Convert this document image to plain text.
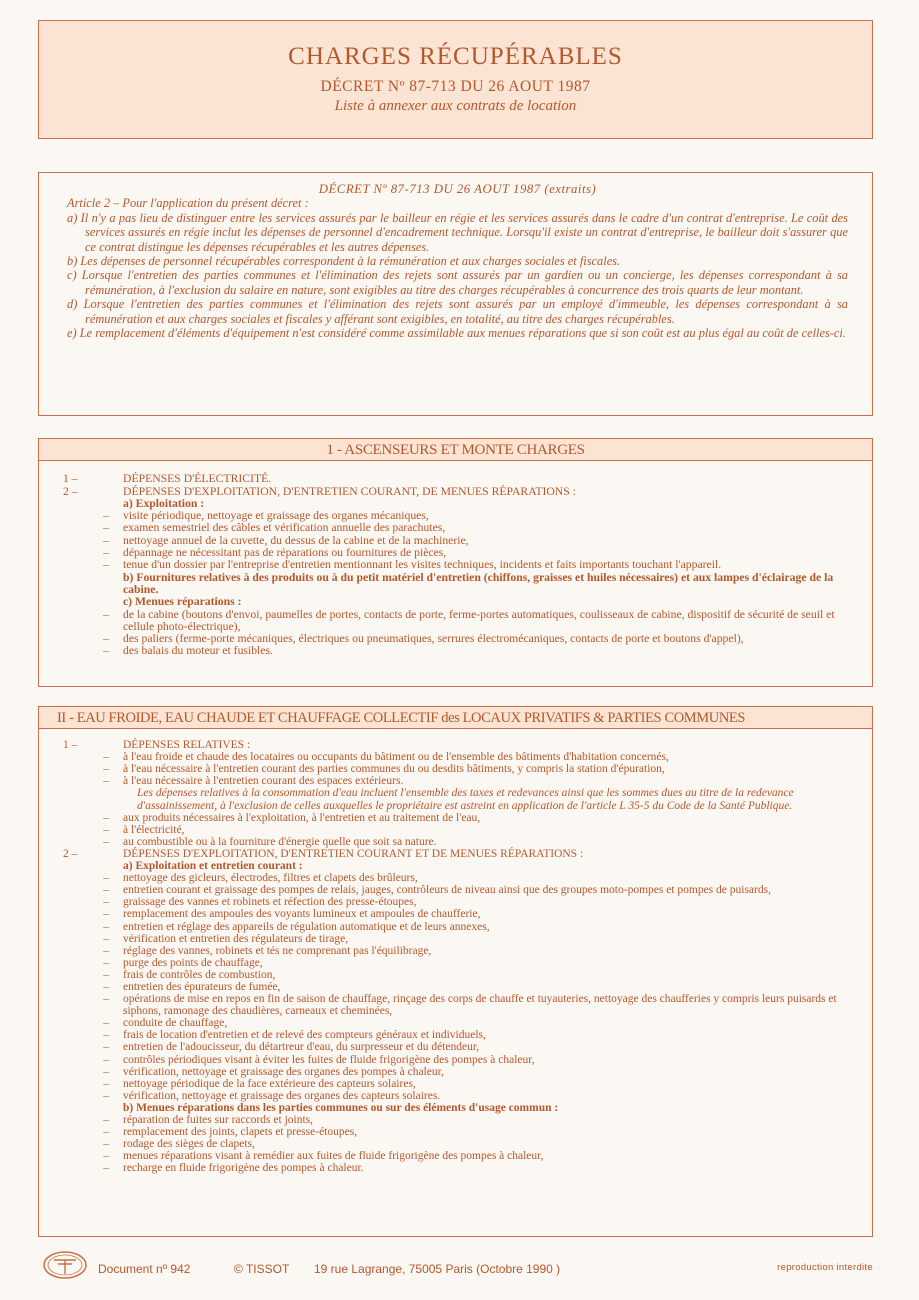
CHARGES RÉCUPÉRABLES
DÉCRET Nº 87-713 DU 26 AOUT 1987
Liste à annexer aux contrats de location
DÉCRET Nº 87-713 DU 26 AOUT 1987 (extraits)

Article 2 – Pour l'application du présent décret :

a) Il n'y a pas lieu de distinguer entre les services assurés par le bailleur en régie et les services assurés dans le cadre d'un contrat d'entreprise. Le coût des services assurés en régie inclut les dépenses de personnel d'encadrement technique. Lorsqu'il existe un contrat d'entreprise, le bailleur doit s'assurer que ce contrat distingue les dépenses récupérables et les autres dépenses.

b) Les dépenses de personnel récupérables correspondent à la rémunération et aux charges sociales et fiscales.

c) Lorsque l'entretien des parties communes et l'élimination des rejets sont assurés par un gardien ou un concierge, les dépenses correspondant à sa rémunération, à l'exclusion du salaire en nature, sont exigibles au titre des charges récupérables à concurrence des trois quarts de leur montant.

d) Lorsque l'entretien des parties communes et l'élimination des rejets sont assurés par un employé d'immeuble, les dépenses correspondant à sa rémunération et aux charges sociales et fiscales y afférant sont exigibles, en totalité, au titre des charges récupérables.

e) Le remplacement d'éléments d'équipement n'est considéré comme assimilable aux menues réparations que si son coût est au plus égal au coût de celles-ci.

1 - ASCENSEURS ET MONTE CHARGES
1 –	DÉPENSES D'ÉLECTRICITÉ.
2 –	DÉPENSES D'EXPLOITATION, D'ENTRETIEN COURANT, DE MENUES RÉPARATIONS :
a) Exploitation :
–	visite périodique, nettoyage et graissage des organes mécaniques,
–	examen semestriel des câbles et vérification annuelle des parachutes,
–	nettoyage annuel de la cuvette, du dessus de la cabine et de la machinerie,
–	dépannage ne nécessitant pas de réparations ou fournitures de pièces,
–	tenue d'un dossier par l'entreprise d'entretien mentionnant les visites techniques, incidents et faits importants touchant l'appareil.
b) Fournitures relatives à des produits ou à du petit matériel d'entretien (chiffons, graisses et huiles nécessaires) et aux lampes d'éclairage de la cabine.
c) Menues réparations :
–	de la cabine (boutons d'envoi, paumelles de portes, contacts de porte, ferme-portes automatiques, coulisseaux de cabine, dispositif de sécurité de seuil et cellule photo-électrique),
–	des paliers (ferme-porte mécaniques, électriques ou pneumatiques, serrures électromécaniques, contacts de porte et boutons d'appel),
–	des balais du moteur et fusibles.
II - EAU FROIDE, EAU CHAUDE ET CHAUFFAGE COLLECTIF des LOCAUX PRIVATIFS & PARTIES COMMUNES
1 –	DÉPENSES RELATIVES :
–	à l'eau froide et chaude des locataires ou occupants du bâtiment ou de l'ensemble des bâtiments d'habitation concernés,
–	à l'eau nécessaire à l'entretien courant des parties communes du ou desdits bâtiments, y compris la station d'épuration,
–	à l'eau nécessaire à l'entretien courant des espaces extérieurs.
Les dépenses relatives à la consommation d'eau incluent l'ensemble des taxes et redevances ainsi que les sommes dues au titre de la redevance d'assainissement, à l'exclusion de celles auxquelles le propriétaire est astreint en application de l'article L 35-5 du Code de la Santé Publique.
–	aux produits nécessaires à l'exploitation, à l'entretien et au traitement de l'eau,
–	à l'électricité,
–	au combustible ou à la fourniture d'énergie quelle que soit sa nature.
2 –	DÉPENSES D'EXPLOITATION, D'ENTRETIEN COURANT ET DE MENUES RÉPARATIONS :
a) Exploitation et entretien courant :
–	nettoyage des gicleurs, électrodes, filtres et clapets des brûleurs,
–	entretien courant et graissage des pompes de relais, jauges, contrôleurs de niveau ainsi que des groupes moto-pompes et pompes de puisards,
–	graissage des vannes et robinets et réfection des presse-étoupes,
–	remplacement des ampoules des voyants lumineux et ampoules de chaufferie,
–	entretien et réglage des appareils de régulation automatique et de leurs annexes,
–	vérification et entretien des régulateurs de tirage,
–	réglage des vannes, robinets et tés ne comprenant pas l'équilibrage,
–	purge des points de chauffage,
–	frais de contrôles de combustion,
–	entretien des épurateurs de fumée,
–	opérations de mise en repos en fin de saison de chauffage, rinçage des corps de chauffe et tuyauteries, nettoyage des chaufferies y compris leurs puisards et siphons, ramonage des chaudières, carneaux et cheminées,
–	conduite de chauffage,
–	frais de location d'entretien et de relevé des compteurs généraux et individuels,
–	entretien de l'adoucisseur, du détartreur d'eau, du surpresseur et du détendeur,
–	contrôles périodiques visant à éviter les fuites de fluide frigorigène des pompes à chaleur,
–	vérification, nettoyage et graissage des organes des pompes à chaleur,
–	nettoyage périodique de la face extérieure des capteurs solaires,
–	vérification, nettoyage et graissage des organes des capteurs solaires.
b) Menues réparations dans les parties communes ou sur des éléments d'usage commun :
–	réparation de fuites sur raccords et joints,
–	remplacement des joints, clapets et presse-étoupes,
–	rodage des sièges de clapets,
–	menues réparations visant à remédier aux fuites de fluide frigorigène des pompes à chaleur,
–	recharge en fluide frigorigène des pompes à chaleur.
Document nº 942	© TISSOT 19 rue Lagrange, 75005 Paris (Octobre 1990 )	reproduction interdite
